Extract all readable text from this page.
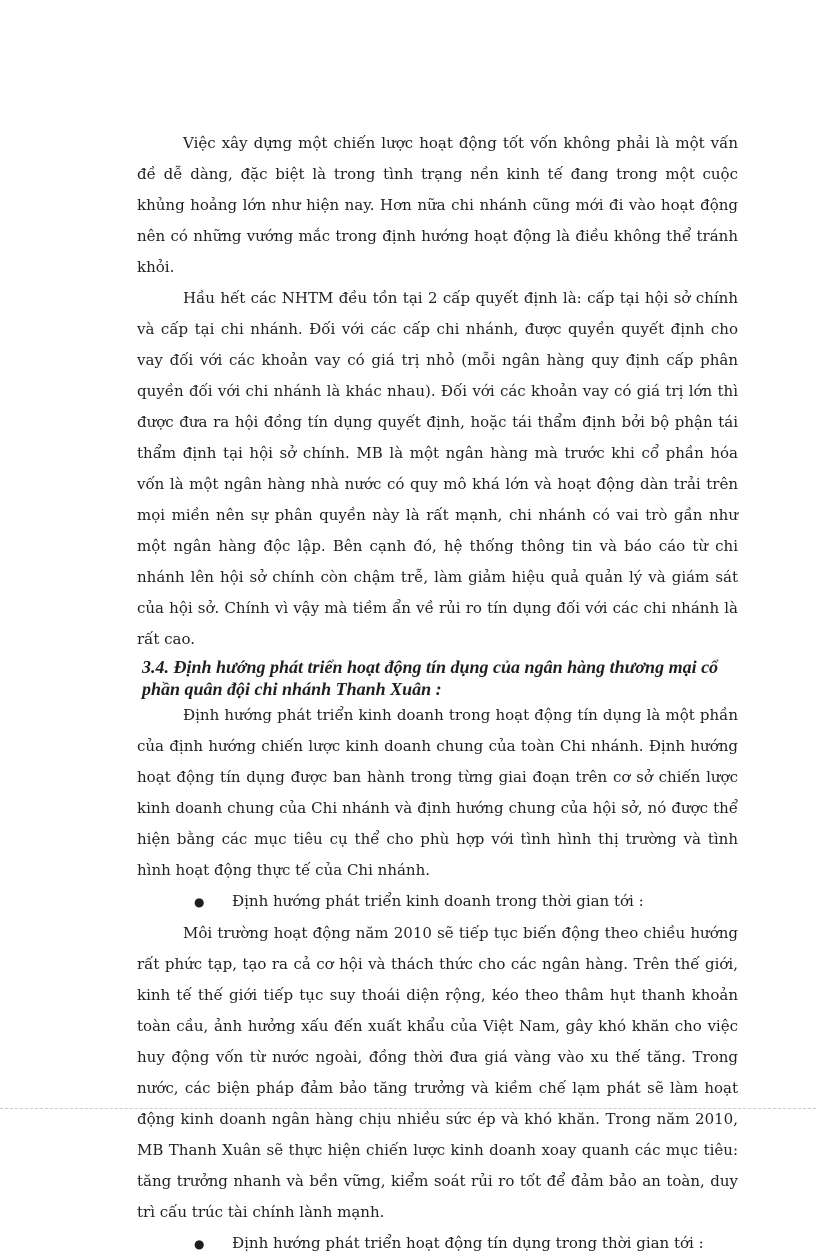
Việc xây dựng một chiến lược hoạt động tốt vốn không phải là một vấn đề dễ dàng, đặc biệt là trong tình trạng nền kinh tế đang trong một cuộc khủng hoảng lớn như hiện nay. Hơn nữa chi nhánh cũng mới đi vào hoạt động nên có những vướng mắc trong định hướng hoạt động là điều không thể tránh khỏi.

Hầu hết các NHTM đều tồn tại 2 cấp quyết định là: cấp tại hội sở chính và cấp tại chi nhánh. Đối với các cấp chi nhánh, được quyền quyết định cho vay đối với các khoản vay có giá trị nhỏ (mỗi ngân hàng quy định cấp phân quyền đối với chi nhánh là khác nhau). Đối với các khoản vay có giá trị lớn thì được đưa ra hội đồng tín dụng quyết định, hoặc tái thẩm định bởi bộ phận tái thẩm định tại hội sở chính. MB là một ngân hàng mà trước khi cổ phần hóa vốn là một ngân hàng nhà nước có quy mô khá lớn và hoạt động dàn trải trên mọi miền nên sự phân quyền này là rất mạnh, chi nhánh có vai trò gần như một ngân hàng độc lập. Bên cạnh đó, hệ thống thông tin và báo cáo từ chi nhánh lên hội sở chính còn chậm trễ, làm giảm hiệu quả quản lý và giám sát của hội sở. Chính vì vậy mà tiềm ẩn về rủi ro tín dụng đối với các chi nhánh là rất cao.

3.4. Định hướng phát triển hoạt động tín dụng của ngân hàng thương mại cổ phần quân đội chi nhánh Thanh Xuân :

Định hướng phát triển kinh doanh trong hoạt động tín dụng là một phần của định hướng chiến lược kinh doanh chung của toàn Chi nhánh. Định hướng hoạt động tín dụng được ban hành trong từng giai đoạn trên cơ sở chiến lược kinh doanh chung của Chi nhánh và định hướng chung của hội sở, nó được thể hiện bằng các mục tiêu cụ thể cho phù hợp với tình hình thị trường và tình hình hoạt động thực tế của Chi nhánh.

●	Định hướng phát triển kinh doanh trong thời gian tới :

Môi trường hoạt động năm 2010 sẽ tiếp tục biến động theo chiều hướng rất phức tạp, tạo ra cả cơ hội và thách thức cho các ngân hàng. Trên thế giới, kinh tế thế giới tiếp tục suy thoái diện rộng, kéo theo thâm hụt thanh khoản toàn cầu, ảnh hưởng xấu đến xuất khẩu của Việt Nam, gây khó khăn cho việc huy động vốn từ nước ngoài, đồng thời đưa giá vàng vào xu thế tăng. Trong nước, các biện pháp đảm bảo tăng trưởng và kiềm chế lạm phát sẽ làm hoạt động kinh doanh ngân hàng chịu nhiều sức ép và khó khăn. Trong năm 2010, MB Thanh Xuân sẽ thực hiện chiến lược kinh doanh xoay quanh các mục tiêu: tăng trưởng nhanh và bền vững, kiểm soát rủi ro tốt để đảm bảo an toàn, duy trì cấu trúc tài chính lành mạnh.

●	Định hướng phát triển hoạt động tín dụng trong thời gian tới :
